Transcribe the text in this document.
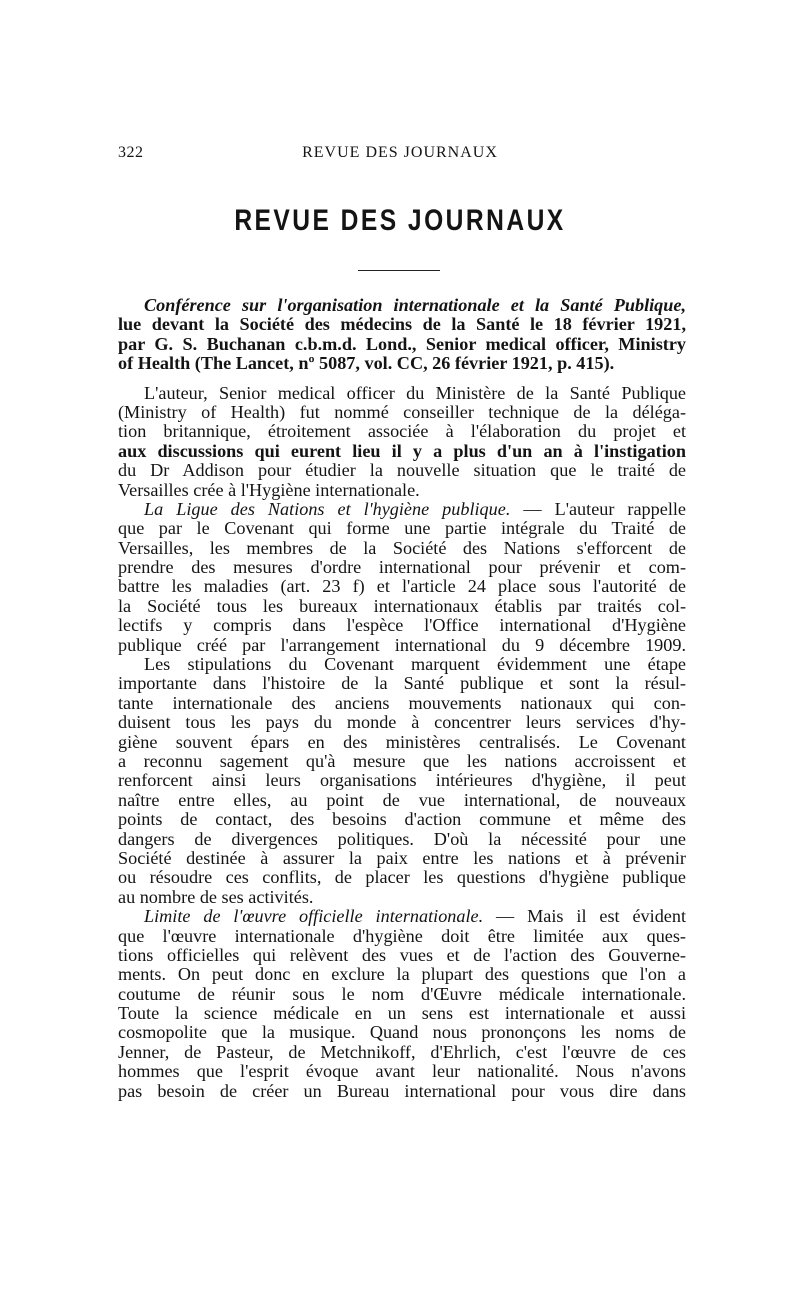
322	REVUE DES JOURNAUX
REVUE DES JOURNAUX
Conférence sur l'organisation internationale et la Santé Publique,
lue devant la Société des médecins de la Santé le 18 février 1921,
par G. S. Buchanan c.b.m.d. Lond., Senior medical officer, Ministry
of Health (The Lancet, nº 5087, vol. CC, 26 février 1921, p. 415).
L'auteur, Senior medical officer du Ministère de la Santé Publique
(Ministry of Health) fut nommé conseiller technique de la déléga-
tion britannique, étroitement associée à l'élaboration du projet et
aux discussions qui eurent lieu il y a plus d'un an à l'instigation
du Dr Addison pour étudier la nouvelle situation que le traité de
Versailles crée à l'Hygiène internationale.
La Ligue des Nations et l'hygiène publique. — L'auteur rappelle
que par le Covenant qui forme une partie intégrale du Traité de
Versailles, les membres de la Société des Nations s'efforcent de
prendre des mesures d'ordre international pour prévenir et com-
battre les maladies (art. 23 f) et l'article 24 place sous l'autorité de
la Société tous les bureaux internationaux établis par traités col-
lectifs y compris dans l'espèce l'Office international d'Hygiène
publique créé par l'arrangement international du 9 décembre 1909.
Les stipulations du Covenant marquent évidemment une étape
importante dans l'histoire de la Santé publique et sont la résul-
tante internationale des anciens mouvements nationaux qui con-
duisent tous les pays du monde à concentrer leurs services d'hy-
giène souvent épars en des ministères centralisés. Le Covenant
a reconnu sagement qu'à mesure que les nations accroissent et
renforcent ainsi leurs organisations intérieures d'hygiène, il peut
naître entre elles, au point de vue international, de nouveaux
points de contact, des besoins d'action commune et même des
dangers de divergences politiques. D'où la nécessité pour une
Société destinée à assurer la paix entre les nations et à prévenir
ou résoudre ces conflits, de placer les questions d'hygiène publique
au nombre de ses activités.
Limite de l'œuvre officielle internationale. — Mais il est évident
que l'œuvre internationale d'hygiène doit être limitée aux ques-
tions officielles qui relèvent des vues et de l'action des Gouverne-
ments. On peut donc en exclure la plupart des questions que l'on a
coutume de réunir sous le nom d'Œuvre médicale internationale.
Toute la science médicale en un sens est internationale et aussi
cosmopolite que la musique. Quand nous prononçons les noms de
Jenner, de Pasteur, de Metchnikoff, d'Ehrlich, c'est l'œuvre de ces
hommes que l'esprit évoque avant leur nationalité. Nous n'avons
pas besoin de créer un Bureau international pour vous dire dans
